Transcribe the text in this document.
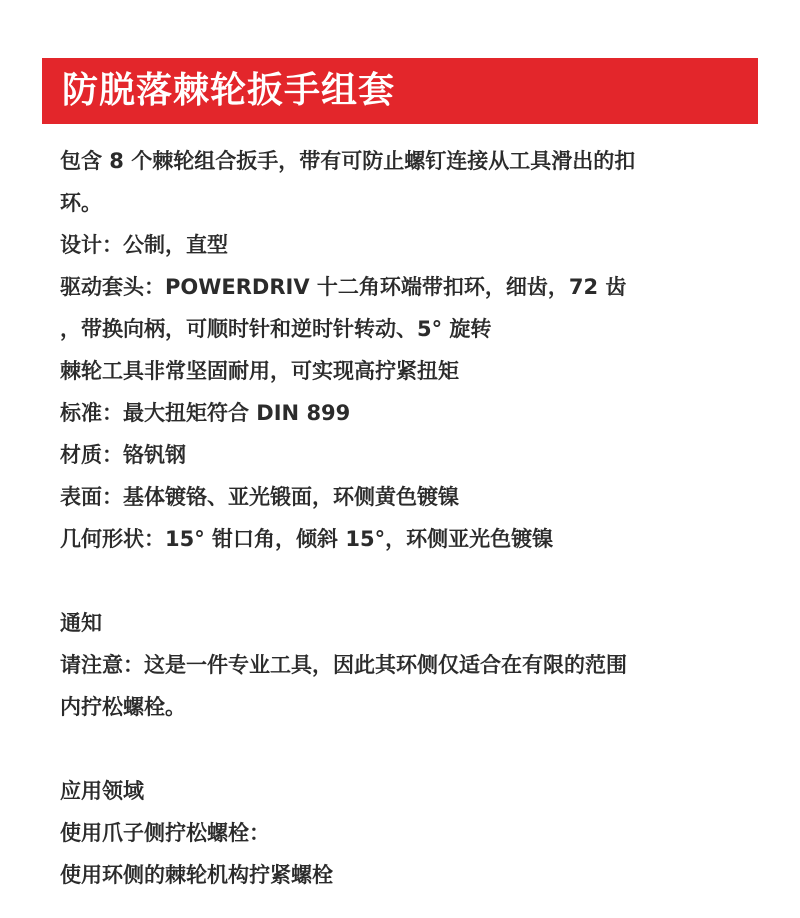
防脱落棘轮扳手组套
包含 8 个棘轮组合扳手，带有可防止螺钉连接从工具滑出的扣
环。
设计：公制，直型
驱动套头：POWERDRIV 十二角环端带扣环，细齿，72 齿
，带换向柄，可顺时针和逆时针转动、5° 旋转
棘轮工具非常坚固耐用，可实现高拧紧扭矩
标准：最大扭矩符合 DIN 899
材质：铬钒钢
表面：基体镀铬、亚光锻面，环侧黄色镀镍
几何形状：15° 钳口角，倾斜 15°，环侧亚光色镀镍
通知
请注意：这是一件专业工具，因此其环侧仅适合在有限的范围
内拧松螺栓。
应用领域
使用爪子侧拧松螺栓：
使用环侧的棘轮机构拧紧螺栓
